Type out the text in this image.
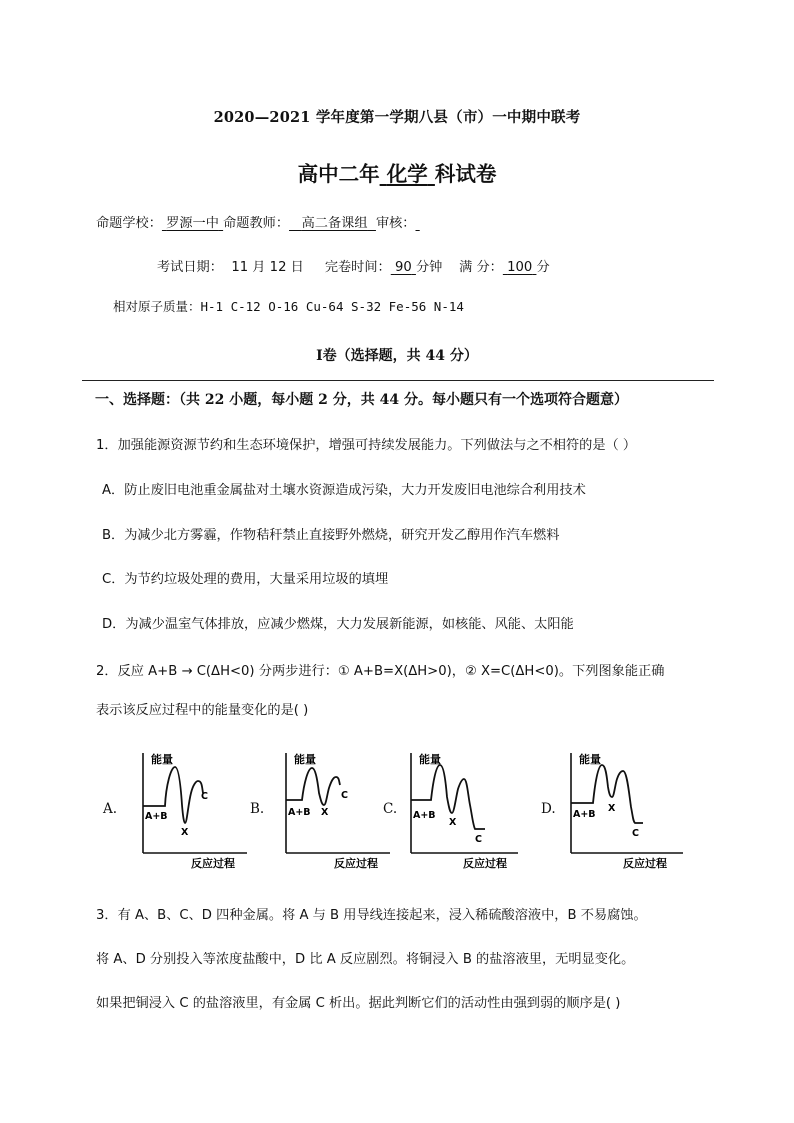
2020—2021 学年度第一学期八县（市）一中期中联考
高中二年 化学 科试卷
命题学校： 罗源一中 命题教师： 高二备课组 审核：
考试日期： 11 月 12 日 完卷时间： 90 分钟 满 分： 100 分
相对原子质量：H-1 C-12 O-16 Cu-64 S-32 Fe-56 N-14
Ⅰ卷（选择题，共 44 分）
一、选择题：（共 22 小题，每小题 2 分，共 44 分。每小题只有一个选项符合题意）
1．加强能源资源节约和生态环境保护，增强可持续发展能力。下列做法与之不相符的是（ ）
A．防止废旧电池重金属盐对土壤水资源造成污染，大力开发废旧电池综合利用技术
B．为减少北方雾霾，作物秸秆禁止直接野外燃烧，研究开发乙醇用作汽车燃料
C．为节约垃圾处理的费用，大量采用垃圾的填埋
D．为减少温室气体排放，应减少燃煤，大力发展新能源，如核能、风能、太阳能
2．反应 A+B → C(ΔH<0) 分两步进行：① A+B=X(ΔH>0)，② X=C(ΔH<0)。下列图象能正确
表示该反应过程中的能量变化的是( )
A.
能量
反应过程
A+B
X
C
B.
能量
反应过程
A+B X
C
C.
能量
反应过程
A+B
X
C
D.
能量
反应过程
A+B
X
C
3．有 A、B、C、D 四种金属。将 A 与 B 用导线连接起来，浸入稀硫酸溶液中，B 不易腐蚀。
将 A、D 分别投入等浓度盐酸中，D 比 A 反应剧烈。将铜浸入 B 的盐溶液里，无明显变化。
如果把铜浸入 C 的盐溶液里，有金属 C 析出。据此判断它们的活动性由强到弱的顺序是( )
